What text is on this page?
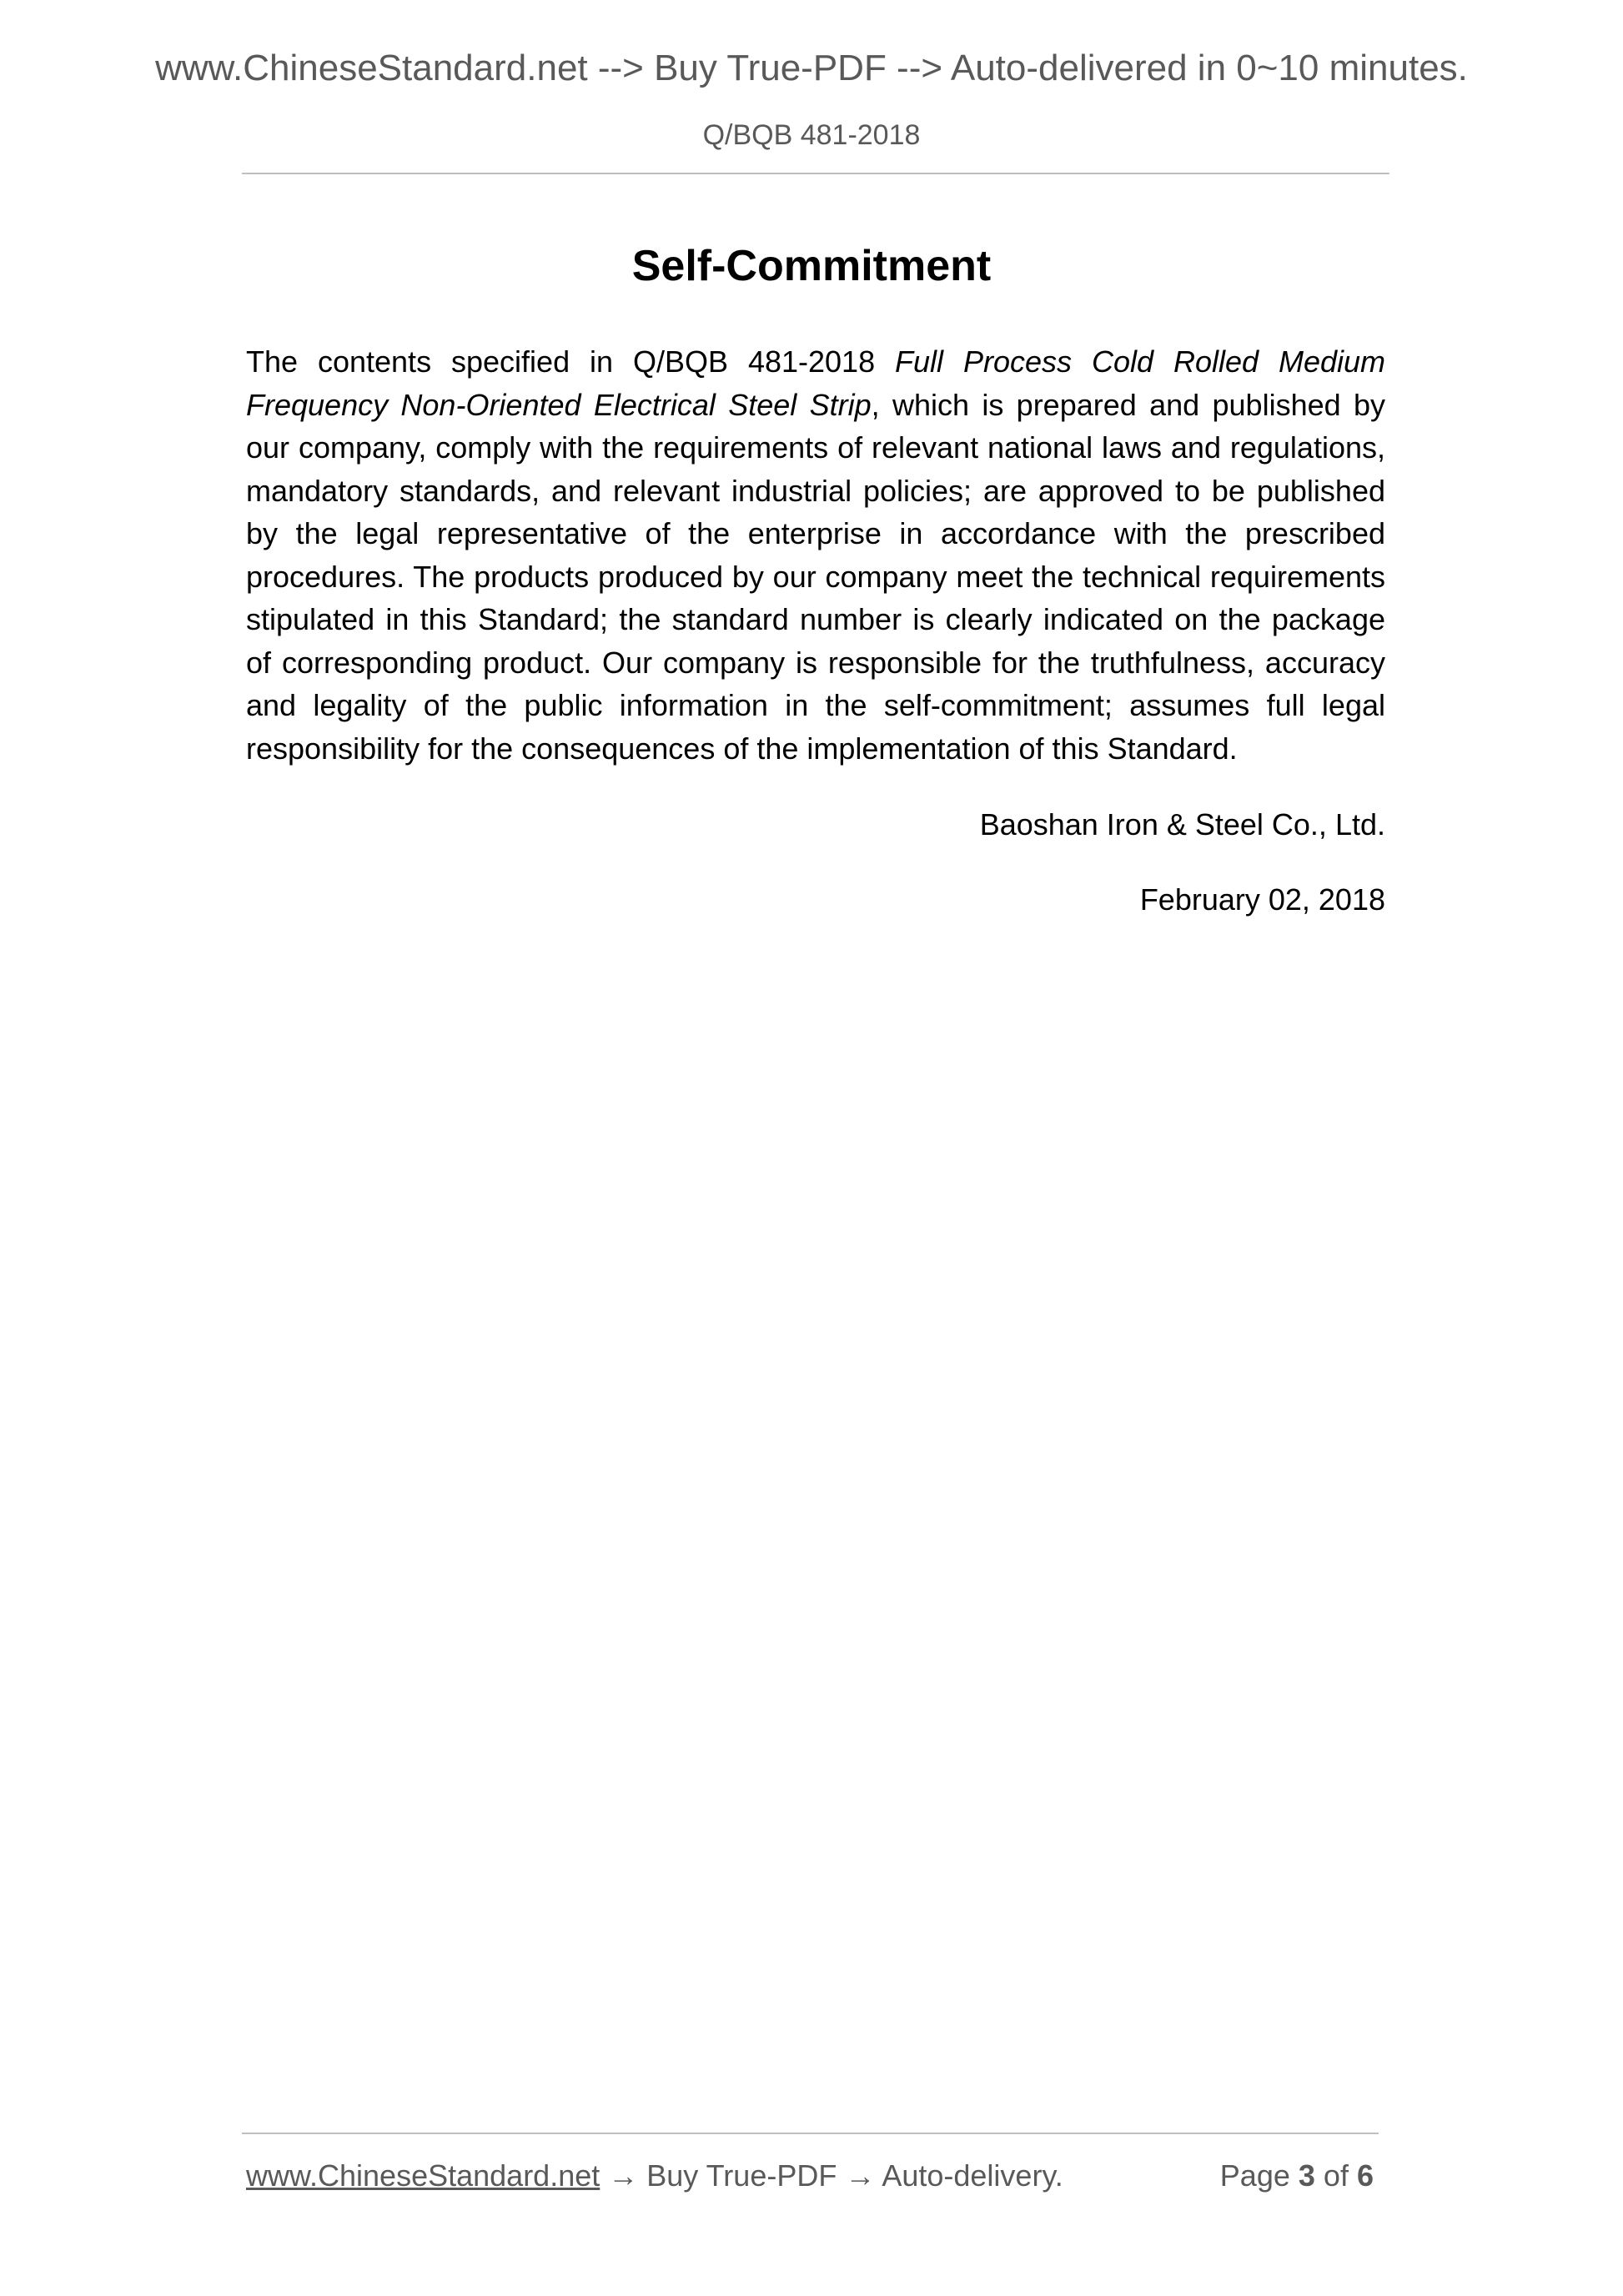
www.ChineseStandard.net --> Buy True-PDF --> Auto-delivered in 0~10 minutes.
Q/BQB 481-2018
Self-Commitment
The contents specified in Q/BQB 481-2018 Full Process Cold Rolled Medium Frequency Non-Oriented Electrical Steel Strip, which is prepared and published by our company, comply with the requirements of relevant national laws and regulations, mandatory standards, and relevant industrial policies; are approved to be published by the legal representative of the enterprise in accordance with the prescribed procedures. The products produced by our company meet the technical requirements stipulated in this Standard; the standard number is clearly indicated on the package of corresponding product. Our company is responsible for the truthfulness, accuracy and legality of the public information in the self-commitment; assumes full legal responsibility for the consequences of the implementation of this Standard.
Baoshan Iron & Steel Co., Ltd.
February 02, 2018
www.ChineseStandard.net → Buy True-PDF → Auto-delivery.	Page 3 of 6
